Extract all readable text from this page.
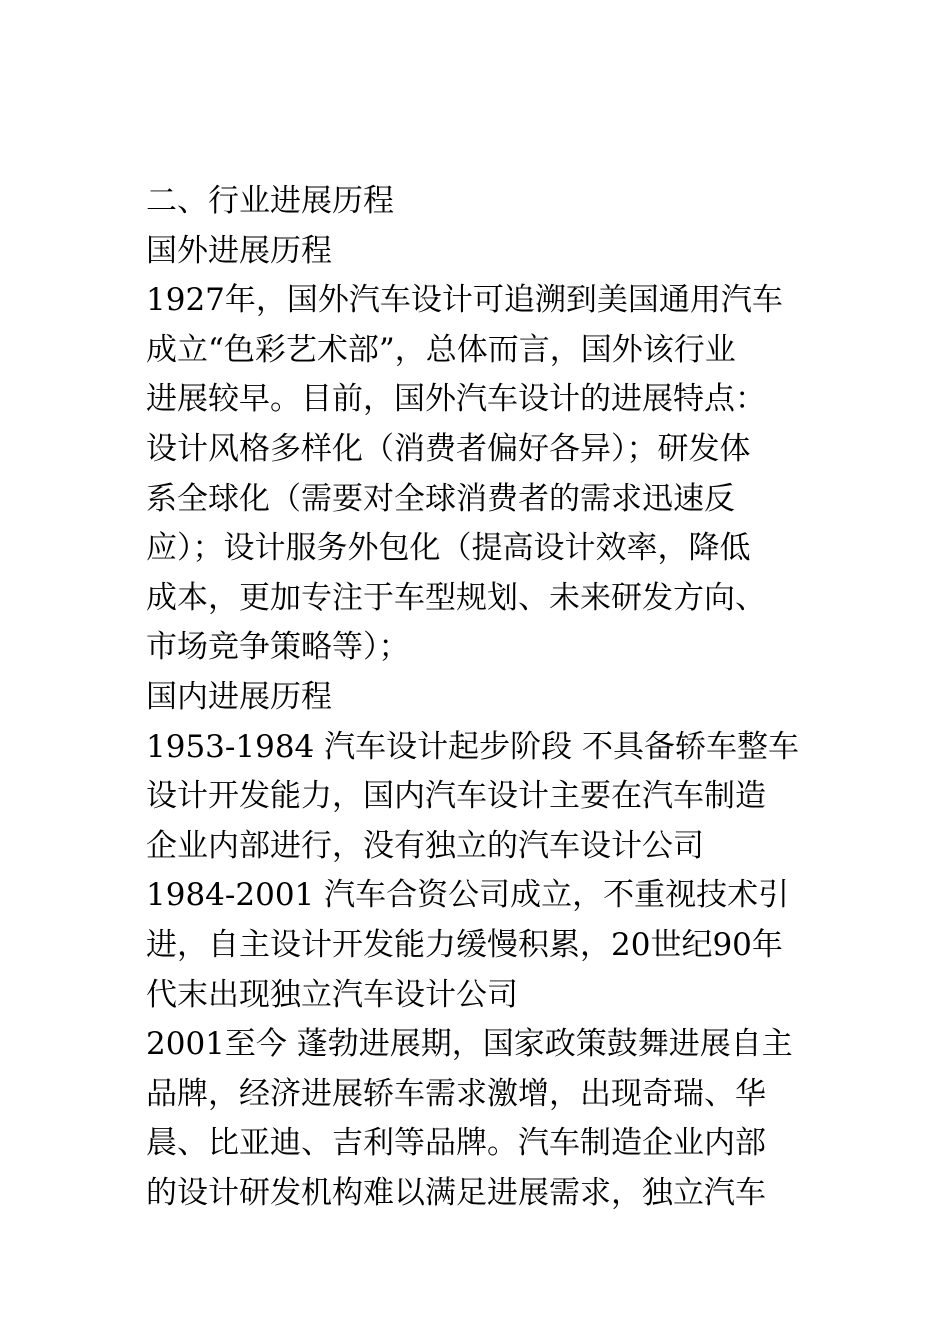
二、行业进展历程
国外进展历程
1927年，国外汽车设计可追溯到美国通用汽车
成立“色彩艺术部”，总体而言，国外该行业
进展较早。目前，国外汽车设计的进展特点：
设计风格多样化（消费者偏好各异）；研发体
系全球化（需要对全球消费者的需求迅速反
应）；设计服务外包化（提高设计效率，降低
成本，更加专注于车型规划、未来研发方向、
市场竞争策略等）；
国内进展历程
1953-1984 汽车设计起步阶段 不具备轿车整车
设计开发能力，国内汽车设计主要在汽车制造
企业内部进行，没有独立的汽车设计公司
1984-2001 汽车合资公司成立，不重视技术引
进，自主设计开发能力缓慢积累，20世纪90年
代末出现独立汽车设计公司
2001至今 蓬勃进展期，国家政策鼓舞进展自主
品牌，经济进展轿车需求激增，出现奇瑞、华
晨、比亚迪、吉利等品牌。汽车制造企业内部
的设计研发机构难以满足进展需求，独立汽车
